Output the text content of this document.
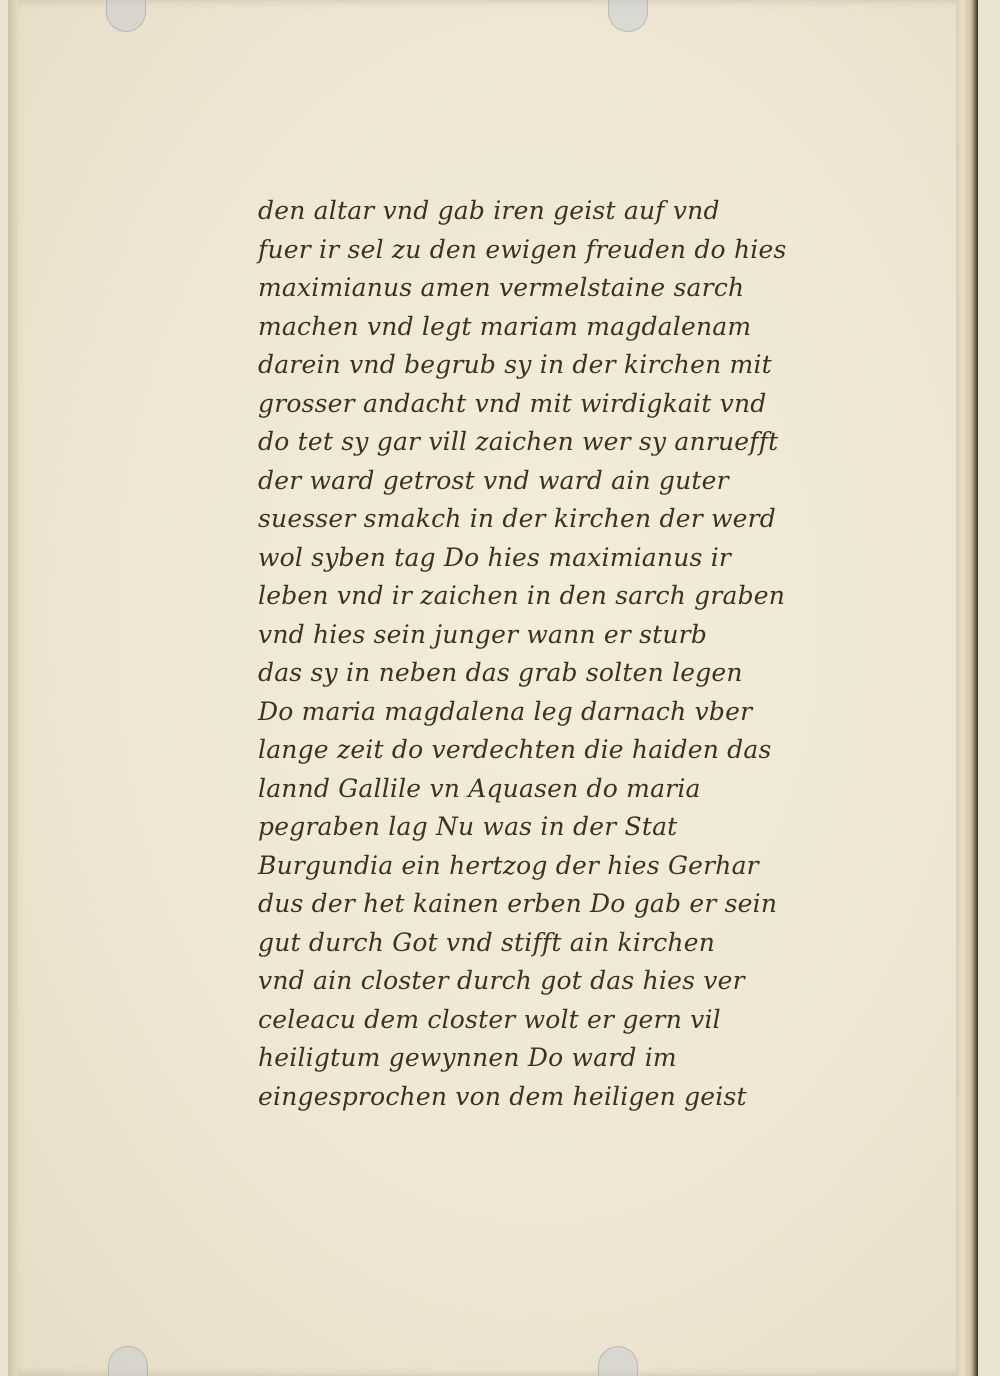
den altar vnd gab iren geist auf vnd
fuer ir sel zu den ewigen freuden do hies
maximianus amen vermelstaine sarch
machen vnd legt mariam magdalenam
darein vnd begrub sy in der kirchen mit
grosser andacht vnd mit wirdigkait vnd
do tet sy gar vill zaichen wer sy anruefft
der ward getrost vnd ward ain guter
suesser smakch in der kirchen der werd
wol syben tag Do hies maximianus ir
leben vnd ir zaichen in den sarch graben
vnd hies sein junger wann er sturb
das sy in neben das grab solten legen
Do maria magdalena leg darnach vber
lange zeit do verdechten die haiden das
lannd Gallile vn Aquasen do maria
pegraben lag Nu was in der Stat
Burgundia ein hertzog der hies Gerhar
dus der het kainen erben Do gab er sein
gut durch Got vnd stifft ain kirchen
vnd ain closter durch got das hies ver
celeacu dem closter wolt er gern vil
heiligtum gewynnen Do ward im
eingesprochen von dem heiligen geist
